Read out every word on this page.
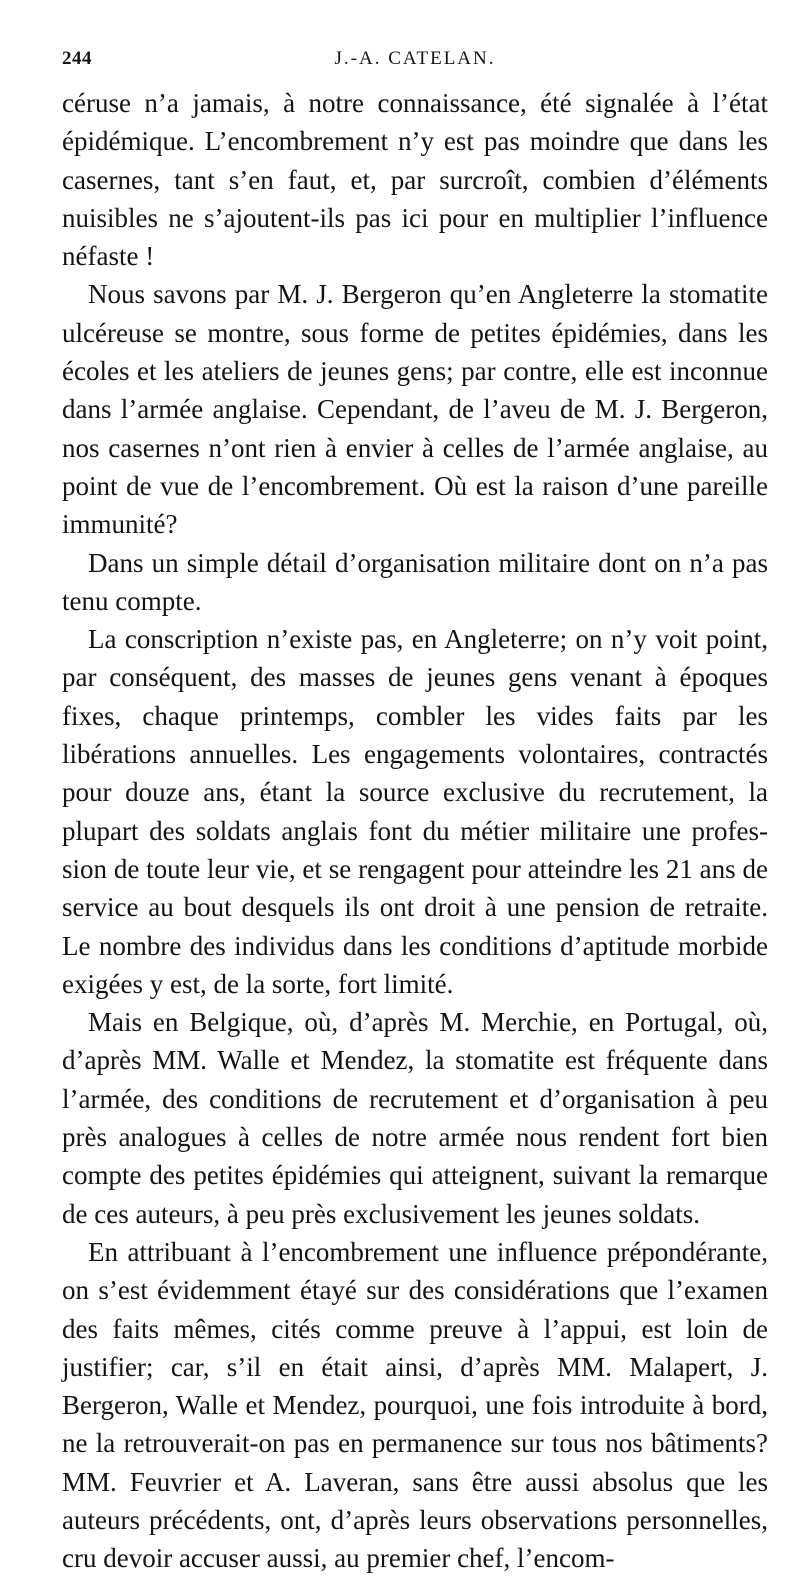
244	J.-A. CATELAN.

céruse n’a jamais, à notre connaissance, été signalée à l’état épidémique. L’encombrement n’y est pas moindre que dans les casernes, tant s’en faut, et, par surcroît, combien d’éléments nuisibles ne s’ajoutent-ils pas ici pour en multiplier l’influence néfaste !

Nous savons par M. J. Bergeron qu’en Angleterre la stomatite ulcéreuse se montre, sous forme de petites épidémies, dans les écoles et les ateliers de jeunes gens; par contre, elle est inconnue dans l’armée anglaise. Cependant, de l’aveu de M. J. Bergeron, nos casernes n’ont rien à envier à celles de l’armée anglaise, au point de vue de l’encombrement. Où est la raison d’une pareille immunité?

Dans un simple détail d’organisation militaire dont on n’a pas tenu compte.

La conscription n’existe pas, en Angleterre; on n’y voit point, par conséquent, des masses de jeunes gens venant à époques fixes, chaque printemps, combler les vides faits par les libérations annuelles. Les engagements volontaires, contractés pour douze ans, étant la source exclusive du recrutement, la plupart des soldats anglais font du métier militaire une profession de toute leur vie, et se rengagent pour atteindre les 21 ans de service au bout desquels ils ont droit à une pension de retraite. Le nombre des individus dans les conditions d’aptitude morbide exigées y est, de la sorte, fort limité.

Mais en Belgique, où, d’après M. Merchie, en Portugal, où, d’après MM. Walle et Mendez, la stomatite est fréquente dans l’armée, des conditions de recrutement et d’organisation à peu près analogues à celles de notre armée nous rendent fort bien compte des petites épidémies qui atteignent, suivant la remarque de ces auteurs, à peu près exclusivement les jeunes soldats.

En attribuant à l’encombrement une influence prépondérante, on s’est évidemment étayé sur des considérations que l’examen des faits mêmes, cités comme preuve à l’appui, est loin de justifier; car, s’il en était ainsi, d’après MM. Malapert, J. Bergeron, Walle et Mendez, pourquoi, une fois introduite à bord, ne la retrouverait-on pas en permanence sur tous nos bâtiments? MM. Feuvrier et A. Laveran, sans être aussi absolus que les auteurs précédents, ont, d’après leurs observations personnelles, cru devoir accuser aussi, au premier chef, l’encom-
